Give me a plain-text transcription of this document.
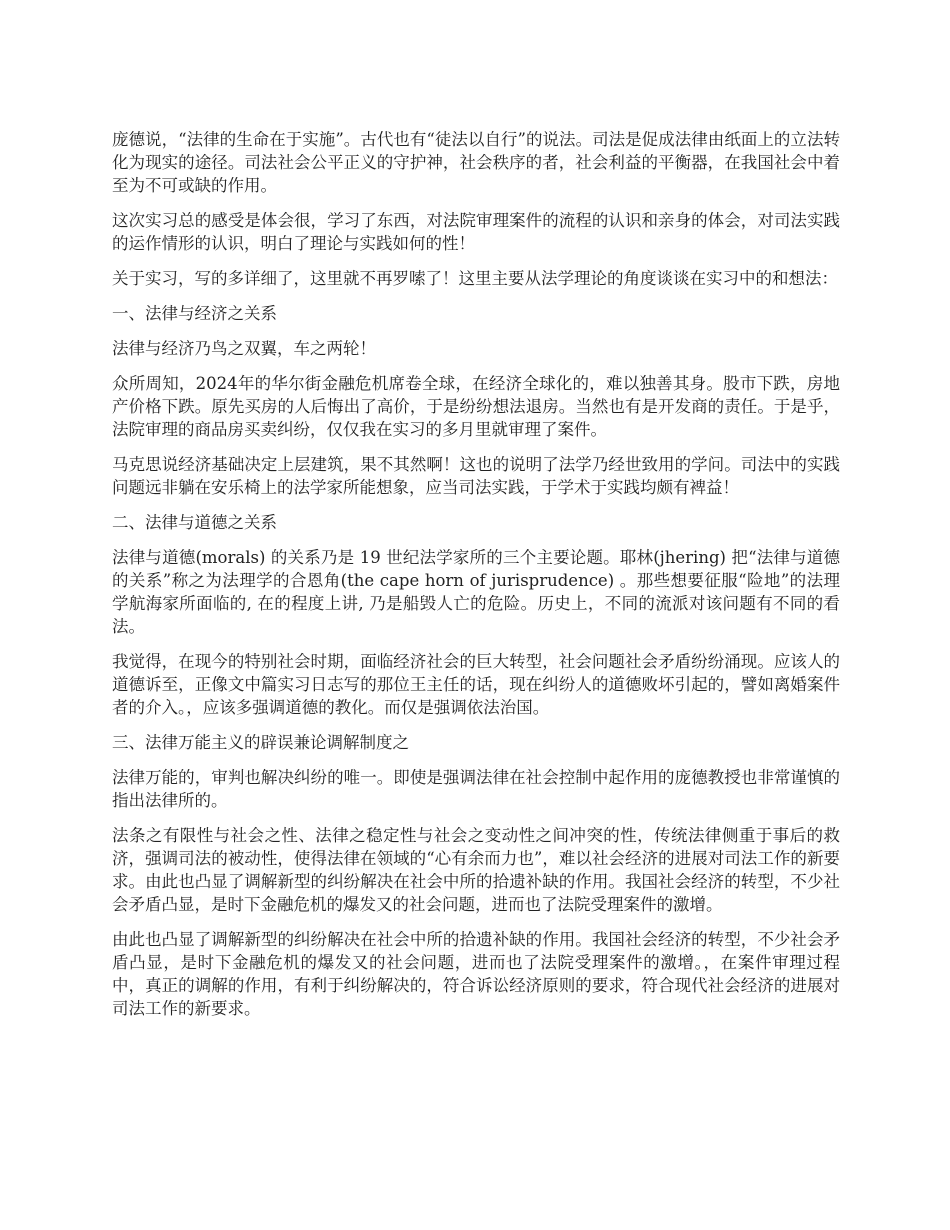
庞德说，“法律的生命在于实施”。古代也有“徒法以自行”的说法。司法是促成法律由纸面上的立法转化为现实的途径。司法社会公平正义的守护神，社会秩序的者，社会利益的平衡器，在我国社会中着至为不可或缺的作用。

这次实习总的感受是体会很，学习了东西，对法院审理案件的流程的认识和亲身的体会，对司法实践的运作情形的认识，明白了理论与实践如何的性！

关于实习，写的多详细了，这里就不再罗嗦了！这里主要从法学理论的角度谈谈在实习中的和想法：

一、法律与经济之关系

法律与经济乃鸟之双翼，车之两轮！

众所周知，2024年的华尔街金融危机席卷全球，在经济全球化的，难以独善其身。股市下跌，房地产价格下跌。原先买房的人后悔出了高价，于是纷纷想法退房。当然也有是开发商的责任。于是乎，法院审理的商品房买卖纠纷，仅仅我在实习的多月里就审理了案件。

马克思说经济基础决定上层建筑，果不其然啊！这也的说明了法学乃经世致用的学问。司法中的实践问题远非躺在安乐椅上的法学家所能想象，应当司法实践，于学术于实践均颇有裨益！

二、法律与道德之关系

法律与道德(morals) 的关系乃是 19 世纪法学家所的三个主要论题。耶林(jhering) 把“法律与道德的关系”称之为法理学的合恩角(the cape horn of jurisprudence) 。那些想要征服“险地”的法理学航海家所面临的, 在的程度上讲, 乃是船毁人亡的危险。历史上，不同的流派对该问题有不同的看法。

我觉得，在现今的特别社会时期，面临经济社会的巨大转型，社会问题社会矛盾纷纷涌现。应该人的道德诉至，正像文中篇实习日志写的那位王主任的话，现在纠纷人的道德败坏引起的，譬如离婚案件者的介入。，应该多强调道德的教化。而仅是强调依法治国。

三、法律万能主义的辟误兼论调解制度之

法律万能的，审判也解决纠纷的唯一。即使是强调法律在社会控制中起作用的庞德教授也非常谨慎的指出法律所的。

法条之有限性与社会之性、法律之稳定性与社会之变动性之间冲突的性，传统法律侧重于事后的救济，强调司法的被动性，使得法律在领域的“心有余而力也”，难以社会经济的进展对司法工作的新要求。由此也凸显了调解新型的纠纷解决在社会中所的拾遗补缺的作用。我国社会经济的转型，不少社会矛盾凸显，是时下金融危机的爆发又的社会问题，进而也了法院受理案件的激增。

由此也凸显了调解新型的纠纷解决在社会中所的拾遗补缺的作用。我国社会经济的转型，不少社会矛盾凸显，是时下金融危机的爆发又的社会问题，进而也了法院受理案件的激增。，在案件审理过程中，真正的调解的作用，有利于纠纷解决的，符合诉讼经济原则的要求，符合现代社会经济的进展对司法工作的新要求。
